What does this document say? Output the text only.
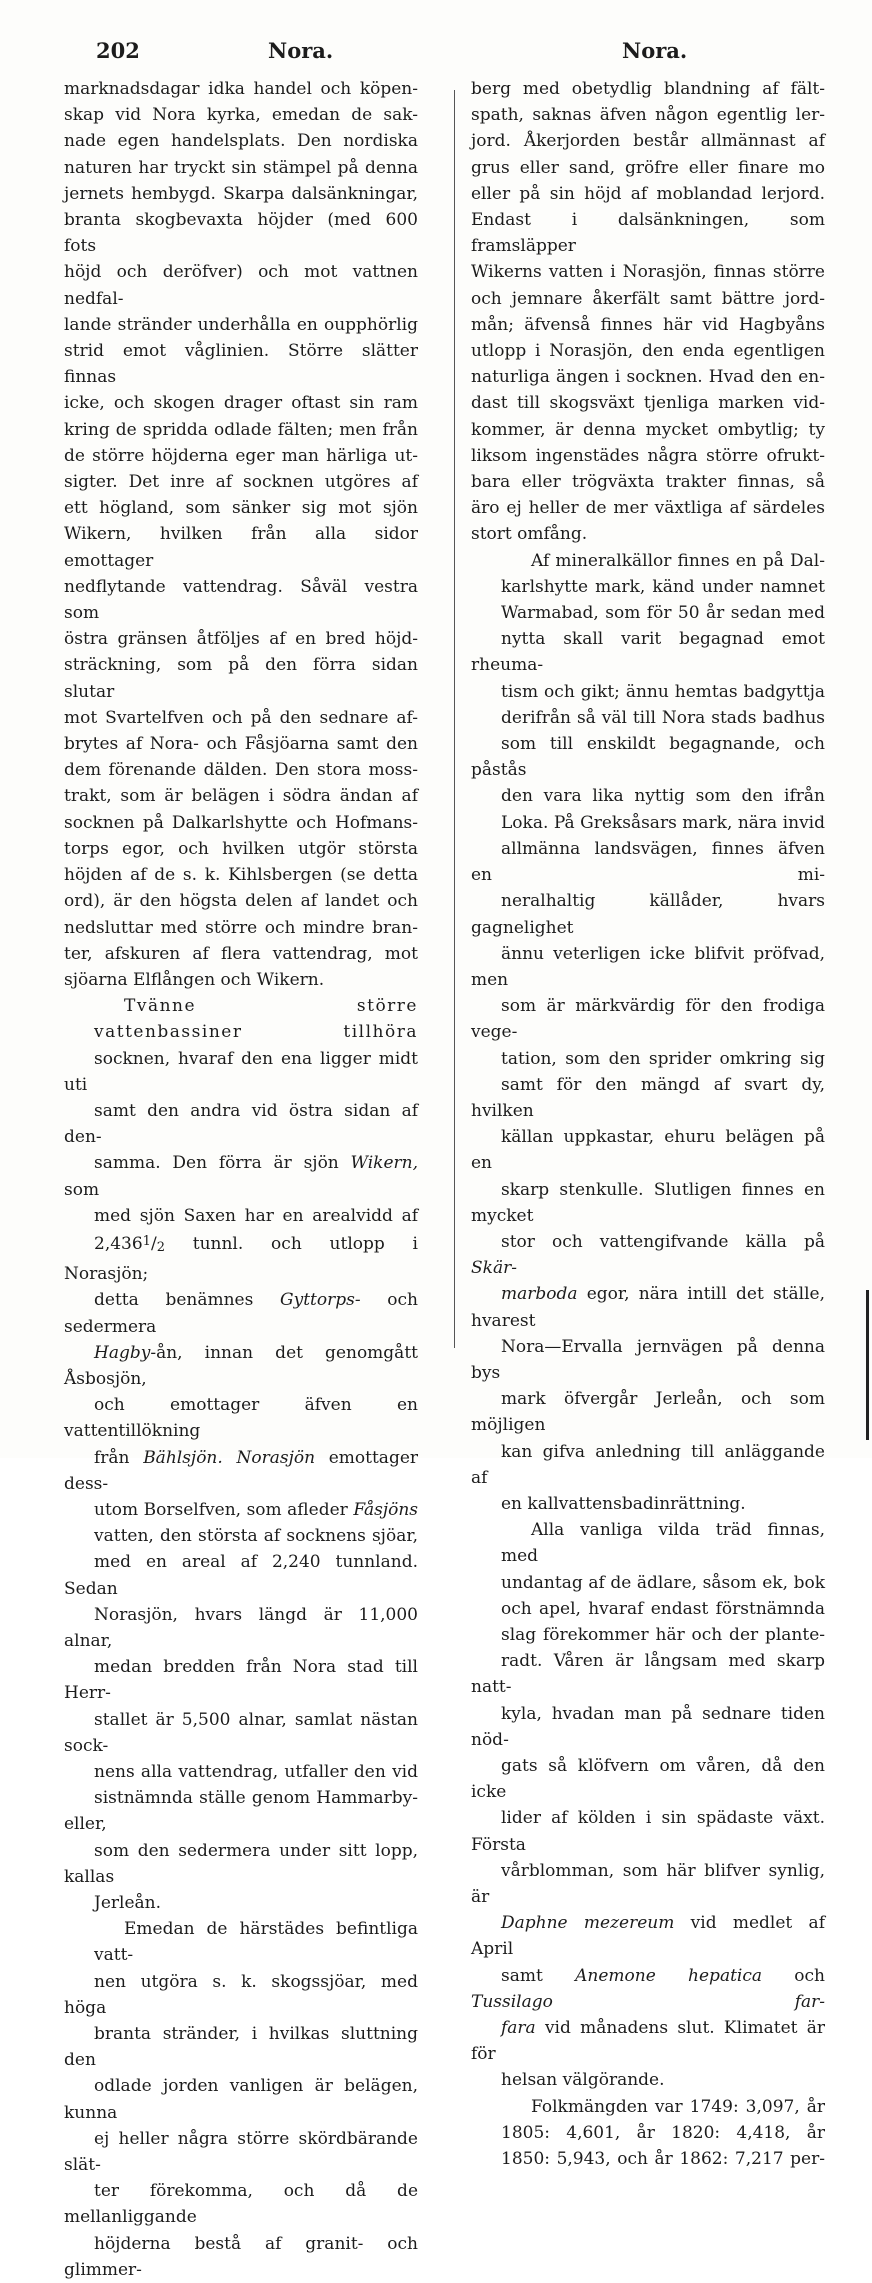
202	Nora.	Nora.
marknadsdagar idka handel och köpen-
skap vid Nora kyrka, emedan de sak-
nade egen handelsplats. Den nordiska
naturen har tryckt sin stämpel på denna
jernets hembygd. Skarpa dalsänkningar,
branta skogbevaxta höjder (med 600 fots
höjd och deröfver) och mot vattnen nedfal-
lande stränder underhålla en oupphörlig
strid emot våglinien. Större slätter finnas
icke, och skogen drager oftast sin ram
kring de spridda odlade fälten; men från
de större höjderna eger man härliga ut-
sigter. Det inre af socknen utgöres af
ett högland, som sänker sig mot sjön
Wikern, hvilken från alla sidor emottager
nedflytande vattendrag. Såväl vestra som
östra gränsen åtföljes af en bred höjd-
sträckning, som på den förra sidan slutar
mot Svartelfven och på den sednare af-
brytes af Nora- och Fåsjöarna samt den
dem förenande dälden. Den stora moss-
trakt, som är belägen i södra ändan af
socknen på Dalkarlshytte och Hofmans-
torps egor, och hvilken utgör största
höjden af de s. k. Kihlsbergen (se detta
ord), är den högsta delen af landet och
nedsluttar med större och mindre bran-
ter, afskuren af flera vattendrag, mot
sjöarna Elflången och Wikern.
Tvänne större vattenbassiner tillhöra
socknen, hvaraf den ena ligger midt uti
samt den andra vid östra sidan af den-
samma. Den förra är sjön Wikern, som
med sjön Saxen har en arealvidd af
2,436$^1$/2 tunnl. och utlopp i Norasjön;
detta benämnes Gyttorps- och sedermera
Hagby-ån, innan det genomgått Åsbosjön,
och emottager äfven en vattentillökning
från Bählsjön. Norasjön emottager dess-
utom Borselfven, som afleder Fåsjöns
vatten, den största af socknens sjöar,
med en areal af 2,240 tunnland. Sedan
Norasjön, hvars längd är 11,000 alnar,
medan bredden från Nora stad till Herr-
stallet är 5,500 alnar, samlat nästan sock-
nens alla vattendrag, utfaller den vid
sistnämnda ställe genom Hammarby- eller,
som den sedermera under sitt lopp, kallas
Jerleån.
Emedan de härstädes befintliga vatt-
nen utgöra s. k. skogssjöar, med höga
branta stränder, i hvilkas sluttning den
odlade jorden vanligen är belägen, kunna
ej heller några större skördbärande slät-
ter förekomma, och då de mellanliggande
höjderna bestå af granit- och glimmer-
berg med obetydlig blandning af fält-
spath, saknas äfven någon egentlig ler-
jord. Åkerjorden består allmännast af
grus eller sand, gröfre eller finare mo
eller på sin höjd af moblandad lerjord.
Endast i dalsänkningen, som framsläpper
Wikerns vatten i Norasjön, finnas större
och jemnare åkerfält samt bättre jord-
mån; äfvenså finnes här vid Hagbyåns
utlopp i Norasjön, den enda egentligen
naturliga ängen i socknen. Hvad den en-
dast till skogsväxt tjenliga marken vid-
kommer, är denna mycket ombytlig; ty
liksom ingenstädes några större ofrukt-
bara eller trögväxta trakter finnas, så
äro ej heller de mer växtliga af särdeles
stort omfång.
Af mineralkällor finnes en på Dal-
karlshytte mark, känd under namnet
Warmabad, som för 50 år sedan med
nytta skall varit begagnad emot rheuma-
tism och gikt; ännu hemtas badgyttja
derifrån så väl till Nora stads badhus
som till enskildt begagnande, och påstås
den vara lika nyttig som den ifrån
Loka. På Greksåsars mark, nära invid
allmänna landsvägen, finnes äfven en mi-
neralhaltig källåder, hvars gagnelighet
ännu veterligen icke blifvit pröfvad, men
som är märkvärdig för den frodiga vege-
tation, som den sprider omkring sig
samt för den mängd af svart dy, hvilken
källan uppkastar, ehuru belägen på en
skarp stenkulle. Slutligen finnes en mycket
stor och vattengifvande källa på Skär-
marboda egor, nära intill det ställe, hvarest
Nora—Ervalla jernvägen på denna bys
mark öfvergår Jerleån, och som möjligen
kan gifva anledning till anläggande af
en kallvattensbadinrättning.
Alla vanliga vilda träd finnas, med
undantag af de ädlare, såsom ek, bok
och apel, hvaraf endast förstnämnda
slag förekommer här och der plante-
radt. Våren är långsam med skarp natt-
kyla, hvadan man på sednare tiden nöd-
gats så klöfvern om våren, då den icke
lider af kölden i sin spädaste växt. Första
vårblomman, som här blifver synlig, är
Daphne mezereum vid medlet af April
samt Anemone hepatica och Tussilago far-
fara vid månadens slut. Klimatet är för
helsan välgörande.
Folkmängden var 1749: 3,097, år
1805: 4,601, år 1820: 4,418, år
1850: 5,943, och år 1862: 7,217 per-
